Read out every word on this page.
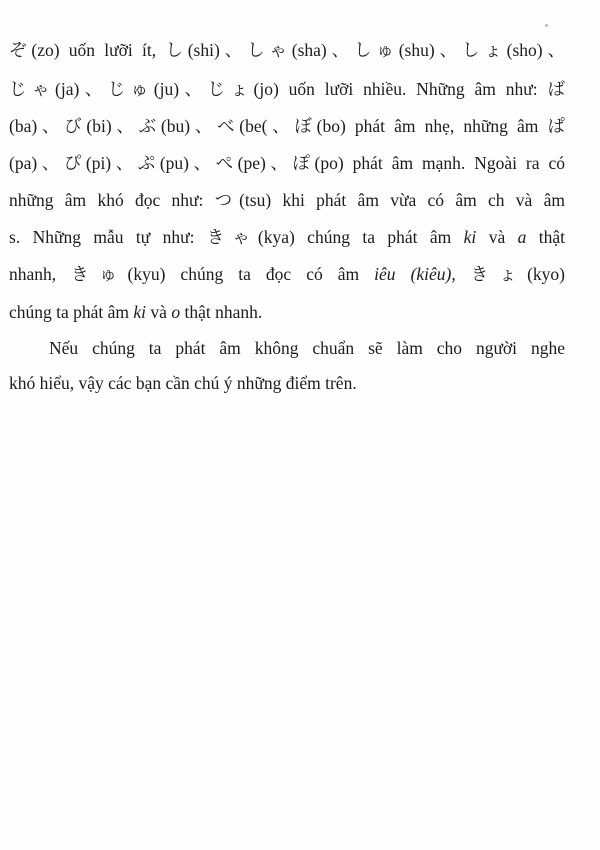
ぞ(zo) uốn lưỡi ít, し(shi)、しゃ(sha)、しゅ(shu)、しょ(sho)、
じゃ(ja)、じゅ(ju)、じょ(jo) uốn lưỡi nhiều. Những âm như: ば
(ba)、び(bi)、ぶ(bu)、べ(be(、ぼ(bo) phát âm nhẹ, những âm ぱ
(pa)、ぴ(pi)、ぷ(pu)、ぺ(pe)、ぽ(po) phát âm mạnh. Ngoài ra có
những âm khó đọc như: つ(tsu) khi phát âm vừa có âm ch và âm
s. Những mẫu tự như: きゃ(kya) chúng ta phát âm ki và a thật
nhanh, きゅ(kyu) chúng ta đọc có âm iêu (kiêu), きょ(kyo)
chúng ta phát âm ki và o thật nhanh.
Nếu chúng ta phát âm không chuẩn sẽ làm cho người nghe
khó hiểu, vậy các bạn cần chú ý những điểm trên.
